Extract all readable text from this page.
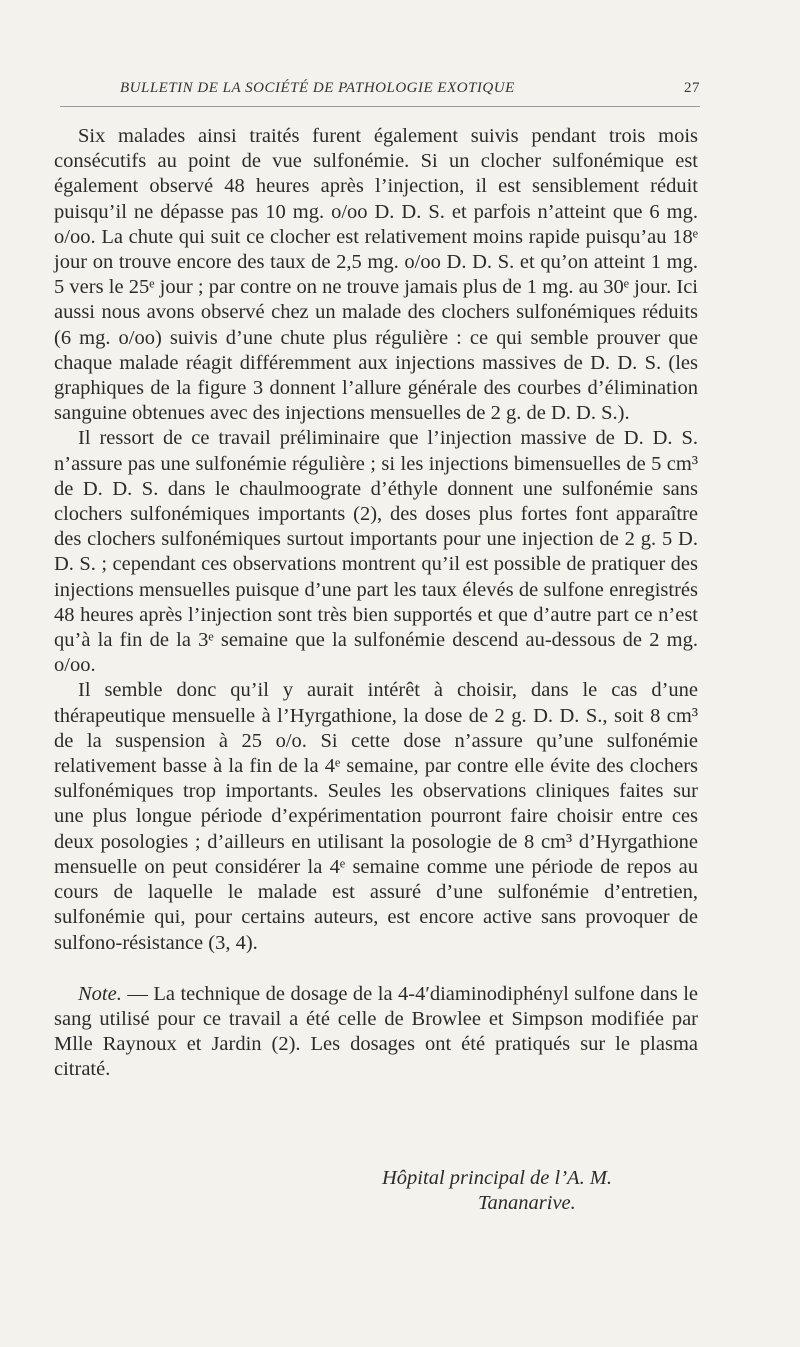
BULLETIN DE LA SOCIÉTÉ DE PATHOLOGIE EXOTIQUE	27

Six malades ainsi traités furent également suivis pendant trois mois consécutifs au point de vue sulfonémie. Si un clocher sulfonémique est également observé 48 heures après l’injection, il est sensiblement réduit puisqu’il ne dépasse pas 10 mg. o/oo D. D. S. et parfois n’atteint que 6 mg. o/oo. La chute qui suit ce clocher est relativement moins rapide puisqu’au 18ᵉ jour on trouve encore des taux de 2,5 mg. o/oo D. D. S. et qu’on atteint 1 mg. 5 vers le 25ᵉ jour ; par contre on ne trouve jamais plus de 1 mg. au 30ᵉ jour. Ici aussi nous avons observé chez un malade des clochers sulfonémiques réduits (6 mg. o/oo) suivis d’une chute plus régulière : ce qui semble prouver que chaque malade réagit différemment aux injections massives de D. D. S. (les graphiques de la figure 3 donnent l’allure générale des courbes d’élimination sanguine obtenues avec des injections mensuelles de 2 g. de D. D. S.).

Il ressort de ce travail préliminaire que l’injection massive de D. D. S. n’assure pas une sulfonémie régulière ; si les injections bimensuelles de 5 cm³ de D. D. S. dans le chaulmoograte d’éthyle donnent une sulfonémie sans clochers sulfonémiques importants (2), des doses plus fortes font apparaître des clochers sulfonémiques surtout importants pour une injection de 2 g. 5 D. D. S. ; cependant ces observations montrent qu’il est possible de pratiquer des injections mensuelles puisque d’une part les taux élevés de sulfone enregistrés 48 heures après l’injection sont très bien supportés et que d’autre part ce n’est qu’à la fin de la 3ᵉ semaine que la sulfonémie descend au-dessous de 2 mg. o/oo.

Il semble donc qu’il y aurait intérêt à choisir, dans le cas d’une thérapeutique mensuelle à l’Hyrgathione, la dose de 2 g. D. D. S., soit 8 cm³ de la suspension à 25 o/o. Si cette dose n’assure qu’une sulfonémie relativement basse à la fin de la 4ᵉ semaine, par contre elle évite des clochers sulfonémiques trop importants. Seules les observations cliniques faites sur une plus longue période d’expérimentation pourront faire choisir entre ces deux posologies ; d’ailleurs en utilisant la posologie de 8 cm³ d’Hyrgathione mensuelle on peut considérer la 4ᵉ semaine comme une période de repos au cours de laquelle le malade est assuré d’une sulfonémie d’entretien, sulfonémie qui, pour certains auteurs, est encore active sans provoquer de sulfono-résistance (3, 4).

Note. — La technique de dosage de la 4-4′diaminodiphényl sulfone dans le sang utilisé pour ce travail a été celle de Browlee et Simpson modifiée par Mlle Raynoux et Jardin (2). Les dosages ont été pratiqués sur le plasma citraté.

Hôpital principal de l’A. M.
Tananarive.
